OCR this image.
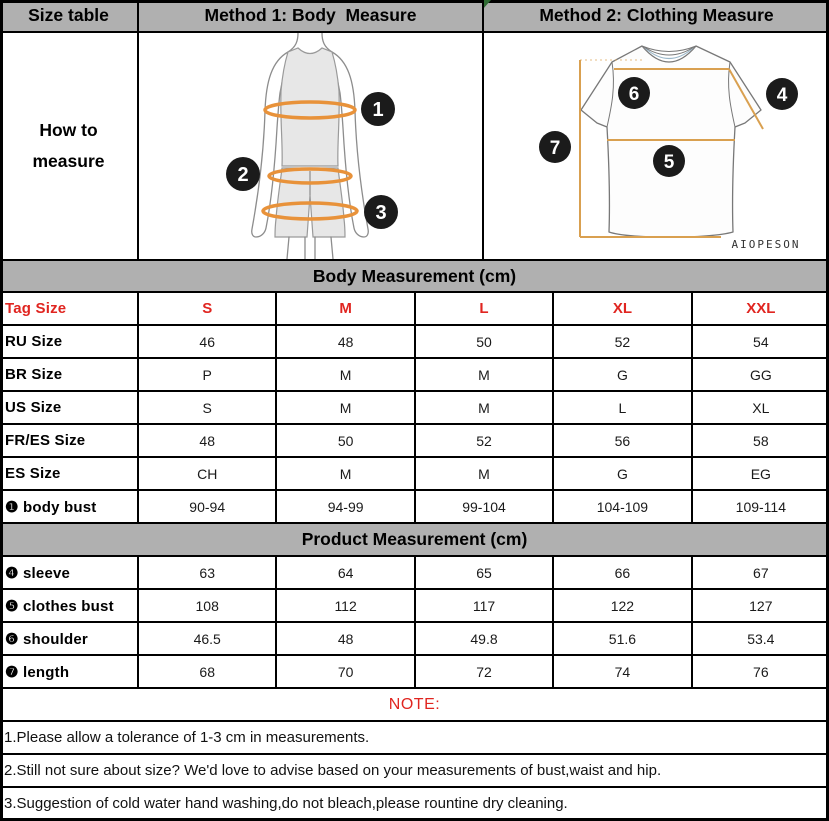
Size table	Method 1: Body  Measure	Method 2: Clothing Measure
How to measure
1
2
3
6	4
7
5
AIOPESON
Body Measurement (cm)
Tag Size	S	M	L	XL	XXL
RU Size	46	48	50	52	54
BR Size	P	M	M	G	GG
US Size	S	M	M	L	XL
FR/ES Size	48	50	52	56	58
ES Size	CH	M	M	G	EG
❶ body bust	90-94	94-99	99-104	104-109	109-114
Product Measurement (cm)
❹ sleeve	63	64	65	66	67
❺ clothes bust	108	112	117	122	127
❻ shoulder	46.5	48	49.8	51.6	53.4
❼ length	68	70	72	74	76
NOTE:
1.Please allow a tolerance of 1-3 cm in measurements.
2.Still not sure about size? We'd love to advise based on your measurements of bust,waist and hip.
3.Suggestion of cold water hand washing,do not bleach,please rountine dry cleaning.
